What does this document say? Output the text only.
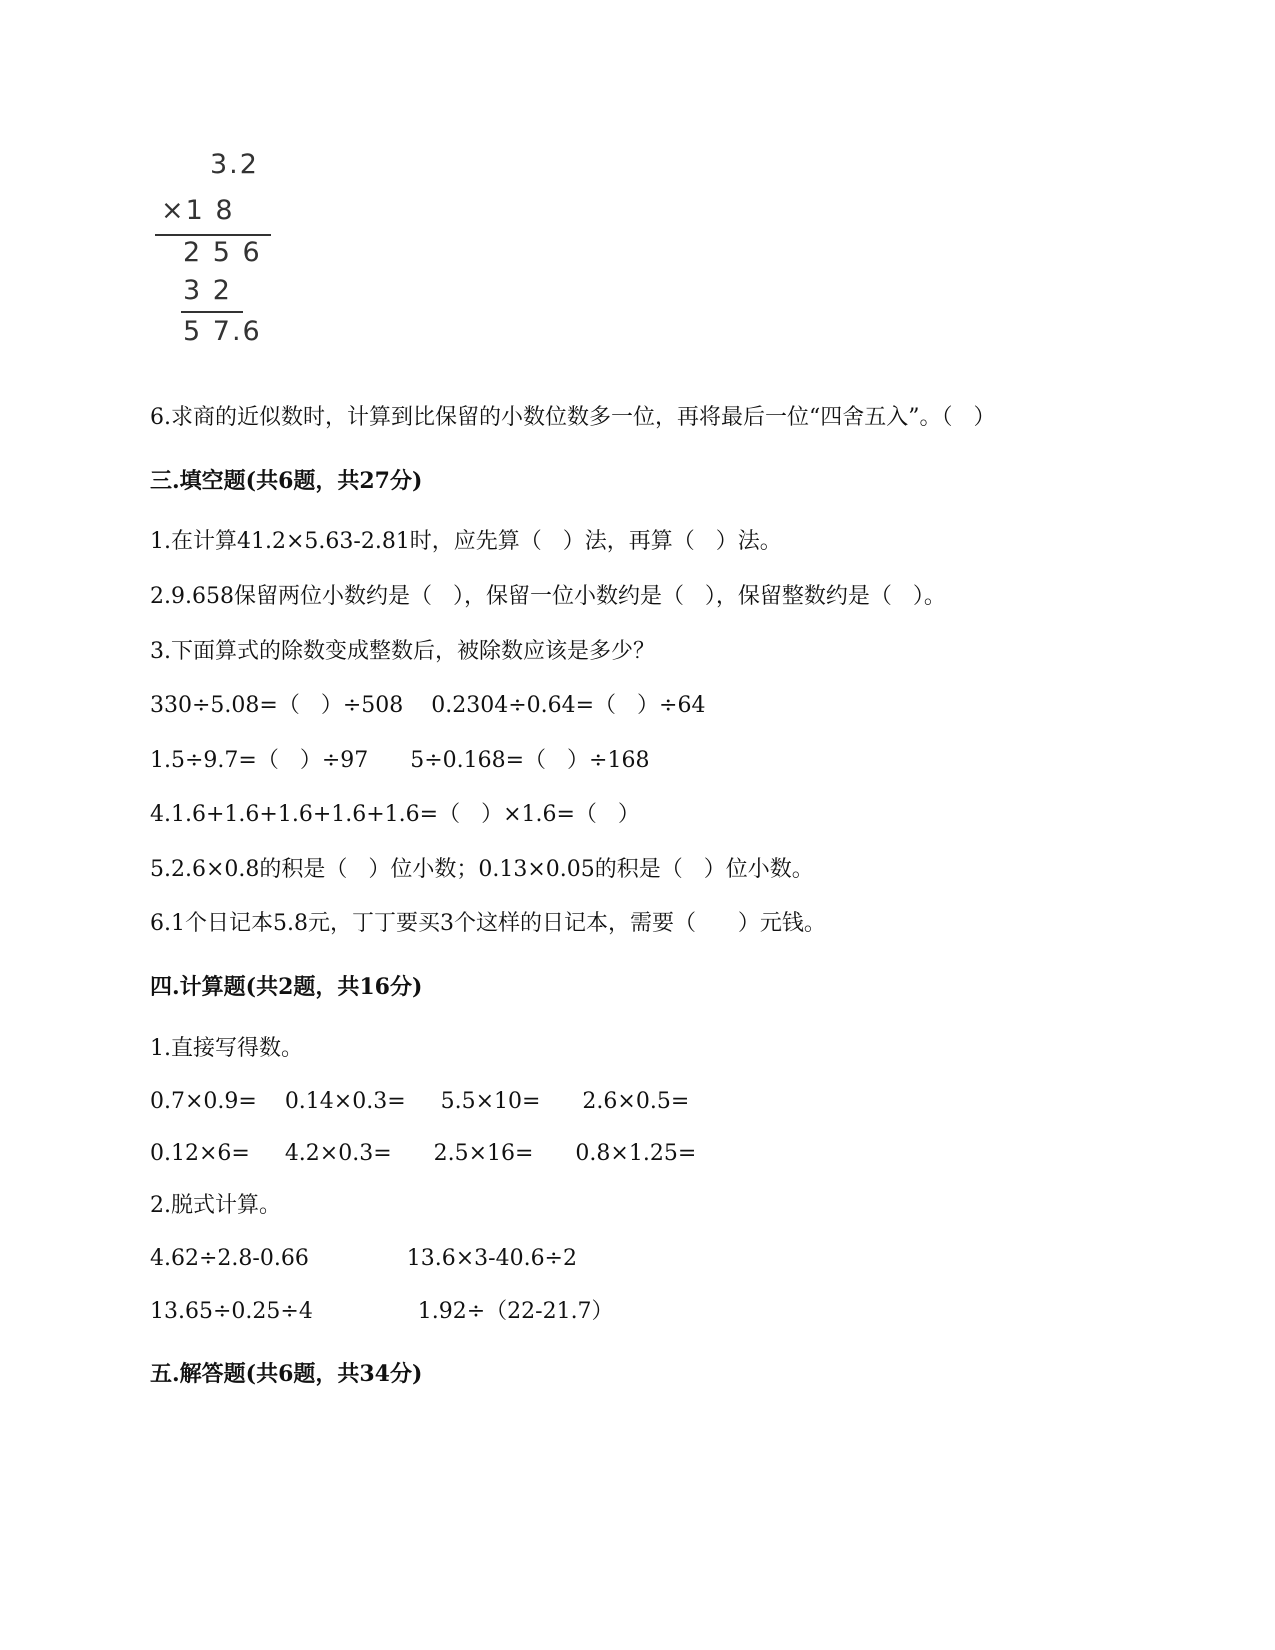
3.2
×1 8
2 5 6
3 2
5 7.6

6.求商的近似数时，计算到比保留的小数位数多一位，再将最后一位“四舍五入”。（   ）

三.填空题(共6题，共27分)

1.在计算41.2×5.63-2.81时，应先算（   ）法，再算（   ）法。

2.9.658保留两位小数约是（   ），保留一位小数约是（   ），保留整数约是（   ）。

3.下面算式的除数变成整数后，被除数应该是多少？

330÷5.08=（   ）÷508    0.2304÷0.64=（   ）÷64

1.5÷9.7=（   ）÷97      5÷0.168=（   ）÷168

4.1.6+1.6+1.6+1.6+1.6=（   ）×1.6=（   ）

5.2.6×0.8的积是（   ）位小数；0.13×0.05的积是（   ）位小数。

6.1个日记本5.8元，丁丁要买3个这样的日记本，需要（      ）元钱。

四.计算题(共2题，共16分)

1.直接写得数。

0.7×0.9=    0.14×0.3=     5.5×10=      2.6×0.5=

0.12×6=     4.2×0.3=      2.5×16=      0.8×1.25=

2.脱式计算。

4.62÷2.8-0.66              13.6×3-40.6÷2

13.65÷0.25÷4               1.92÷（22-21.7）

五.解答题(共6题，共34分)
